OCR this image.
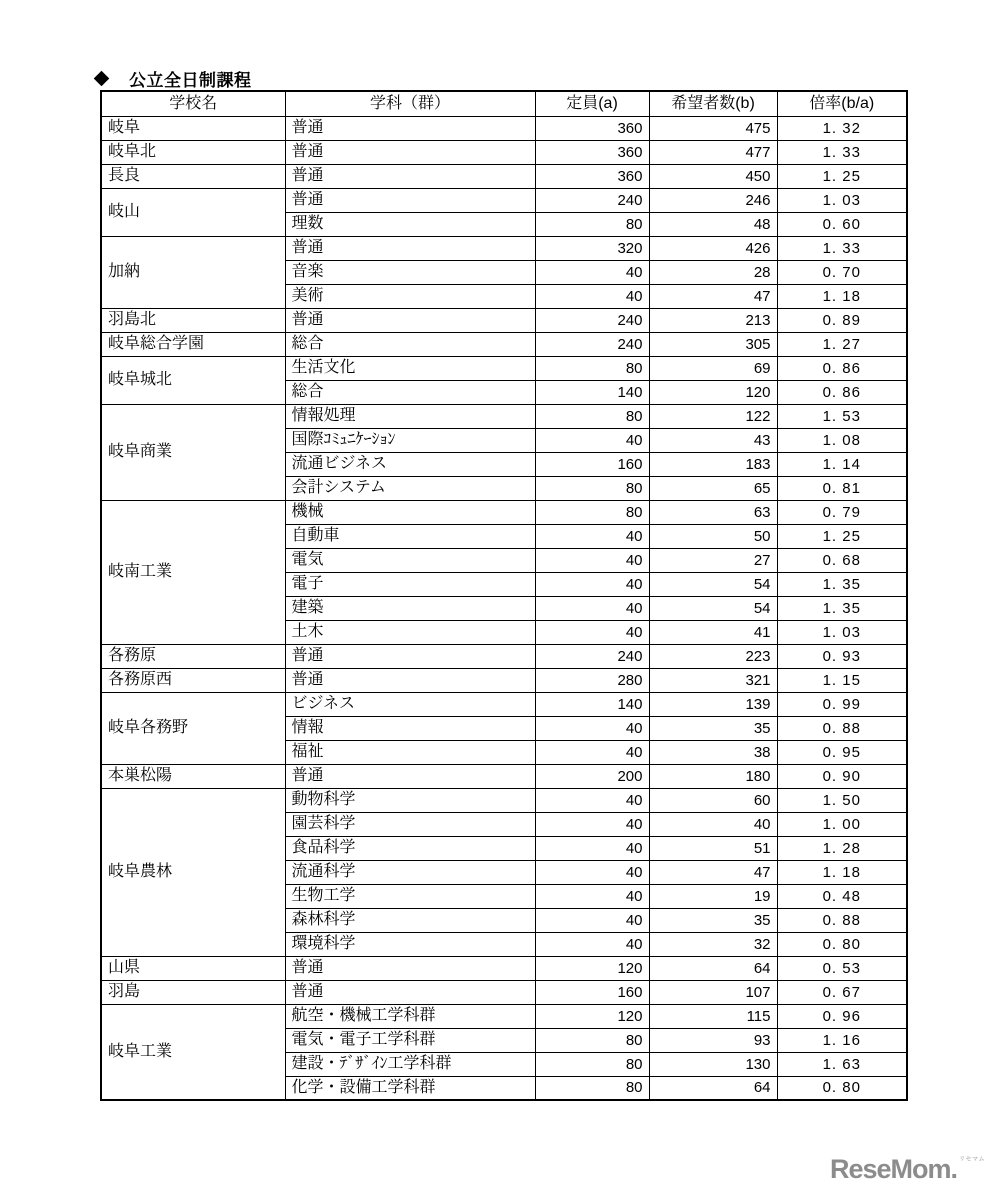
公立全日制課程
学校名	学科（群）	定員(a)	希望者数(b)	倍率(b/a)
岐阜	普通	360	475	1. 32
岐阜北	普通	360	477	1. 33
長良	普通	360	450	1. 25
岐山	普通	240	246	1. 03
	理数	80	48	0. 60
加納	普通	320	426	1. 33
	音楽	40	28	0. 70
	美術	40	47	1. 18
羽島北	普通	240	213	0. 89
岐阜総合学園	総合	240	305	1. 27
岐阜城北	生活文化	80	69	0. 86
	総合	140	120	0. 86
岐阜商業	情報処理	80	122	1. 53
	国際ｺﾐｭﾆｹｰｼｮﾝ	40	43	1. 08
	流通ビジネス	160	183	1. 14
	会計システム	80	65	0. 81
岐南工業	機械	80	63	0. 79
	自動車	40	50	1. 25
	電気	40	27	0. 68
	電子	40	54	1. 35
	建築	40	54	1. 35
	土木	40	41	1. 03
各務原	普通	240	223	0. 93
各務原西	普通	280	321	1. 15
岐阜各務野	ビジネス	140	139	0. 99
	情報	40	35	0. 88
	福祉	40	38	0. 95
本巣松陽	普通	200	180	0. 90
岐阜農林	動物科学	40	60	1. 50
	園芸科学	40	40	1. 00
	食品科学	40	51	1. 28
	流通科学	40	47	1. 18
	生物工学	40	19	0. 48
	森林科学	40	35	0. 88
	環境科学	40	32	0. 80
山県	普通	120	64	0. 53
羽島	普通	160	107	0. 67
岐阜工業	航空・機械工学科群	120	115	0. 96
	電気・電子工学科群	80	93	1. 16
	建設・ﾃﾞｻﾞｲﾝ工学科群	80	130	1. 63
	化学・設備工学科群	80	64	0. 80
ReseMom . リセマム
